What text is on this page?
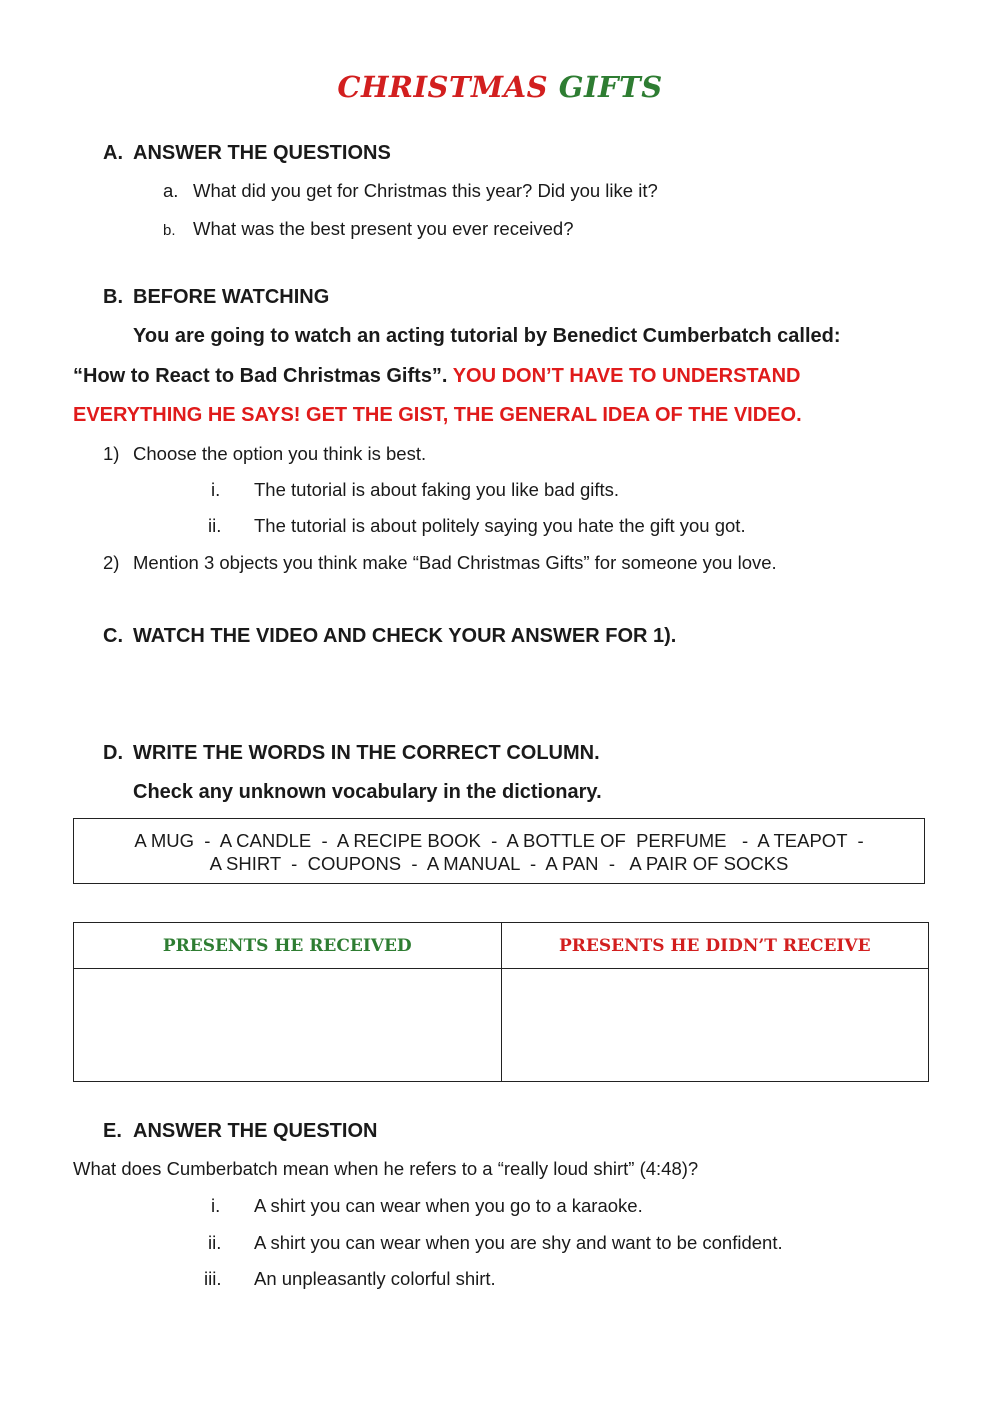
CHRISTMAS GIFTS
A. ANSWER THE QUESTIONS
a. What did you get for Christmas this year? Did you like it?
b. What was the best present you ever received?
B. BEFORE WATCHING
You are going to watch an acting tutorial by Benedict Cumberbatch called:
“How to React to Bad Christmas Gifts”. YOU DON’T HAVE TO UNDERSTAND
EVERYTHING HE SAYS! GET THE GIST, THE GENERAL IDEA OF THE VIDEO.
1) Choose the option you think is best.
i. The tutorial is about faking you like bad gifts.
ii. The tutorial is about politely saying you hate the gift you got.
2) Mention 3 objects you think make “Bad Christmas Gifts” for someone you love.
C. WATCH THE VIDEO AND CHECK YOUR ANSWER FOR 1).
D. WRITE THE WORDS IN THE CORRECT COLUMN.
Check any unknown vocabulary in the dictionary.
A MUG  -  A CANDLE  -  A RECIPE BOOK  -  A BOTTLE OF  PERFUME   -  A TEAPOT  -
A SHIRT  -  COUPONS  -  A MANUAL  -  A PAN  -   A PAIR OF SOCKS
PRESENTS HE RECEIVED	PRESENTS HE DIDN’T RECEIVE

E. ANSWER THE QUESTION
What does Cumberbatch mean when he refers to a “really loud shirt” (4:48)?
i. A shirt you can wear when you go to a karaoke.
ii. A shirt you can wear when you are shy and want to be confident.
iii. An unpleasantly colorful shirt.
